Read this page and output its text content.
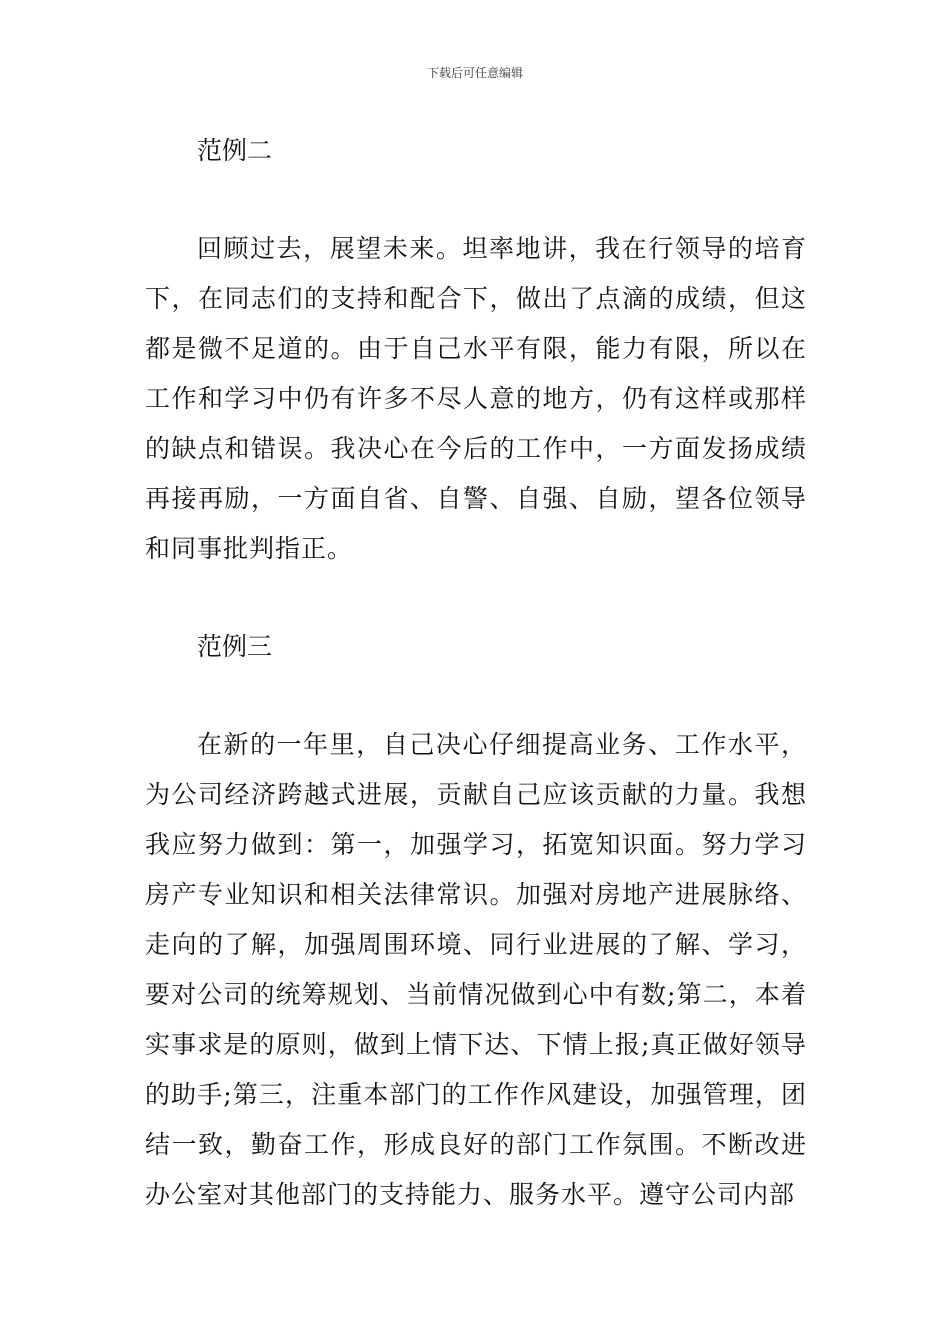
下载后可任意编辑
范例二

回顾过去，展望未来。坦率地讲，我在行领导的培育下，在同志们的支持和配合下，做出了点滴的成绩，但这都是微不足道的。由于自己水平有限，能力有限，所以在工作和学习中仍有许多不尽人意的地方，仍有这样或那样的缺点和错误。我决心在今后的工作中，一方面发扬成绩再接再励，一方面自省、自警、自强、自励，望各位领导和同事批判指正。

范例三

在新的一年里，自己决心仔细提高业务、工作水平，为公司经济跨越式进展，贡献自己应该贡献的力量。我想我应努力做到：第一，加强学习，拓宽知识面。努力学习房产专业知识和相关法律常识。加强对房地产进展脉络、走向的了解，加强周围环境、同行业进展的了解、学习，要对公司的统筹规划、当前情况做到心中有数;第二，本着实事求是的原则，做到上情下达、下情上报;真正做好领导的助手;第三，注重本部门的工作作风建设，加强管理，团结一致，勤奋工作，形成良好的部门工作氛围。不断改进办公室对其他部门的支持能力、服务水平。遵守公司内部
